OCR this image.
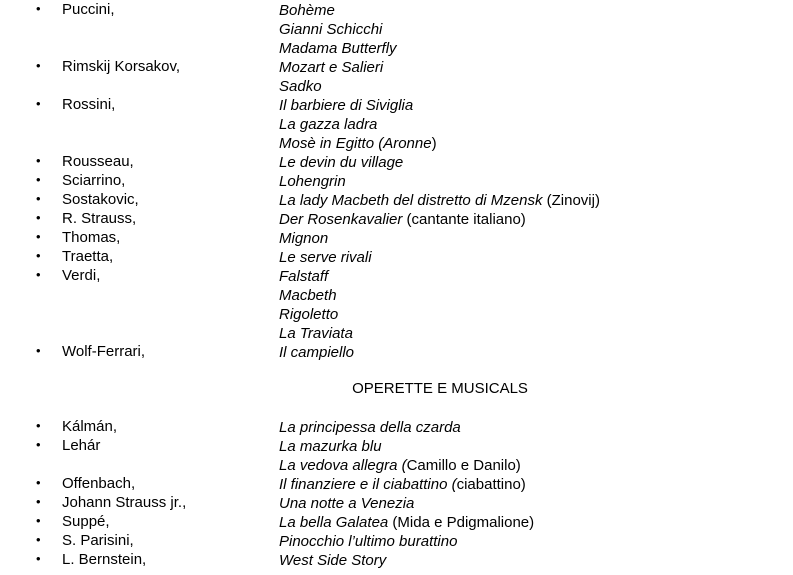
• Puccini,	Bohème
Gianni Schicchi
Madama Butterfly
• Rimskij Korsakov,	Mozart e Salieri
Sadko
• Rossini,	Il barbiere di Siviglia
La gazza ladra
Mosè in Egitto (Aronne)
• Rousseau,	Le devin du village
• Sciarrino,	Lohengrin
• Sostakovic,	La lady Macbeth del distretto di Mzensk (Zinovij)
• R. Strauss,	Der Rosenkavalier (cantante italiano)
• Thomas,	Mignon
• Traetta,	Le serve rivali
• Verdi,	Falstaff
Macbeth
Rigoletto
La Traviata
• Wolf-Ferrari,	Il campiello
OPERETTE E MUSICALS
• Kálmán,	La principessa della czarda
• Lehár	La mazurka blu
La vedova allegra (Camillo e Danilo)
• Offenbach,	Il finanziere e il ciabattino (ciabattino)
• Johann Strauss jr.,	Una notte a Venezia
• Suppé,	La bella Galatea (Mida e Pdigmalione)
• S. Parisini,	Pinocchio l’ultimo burattino
• L. Bernstein,	West Side Story
